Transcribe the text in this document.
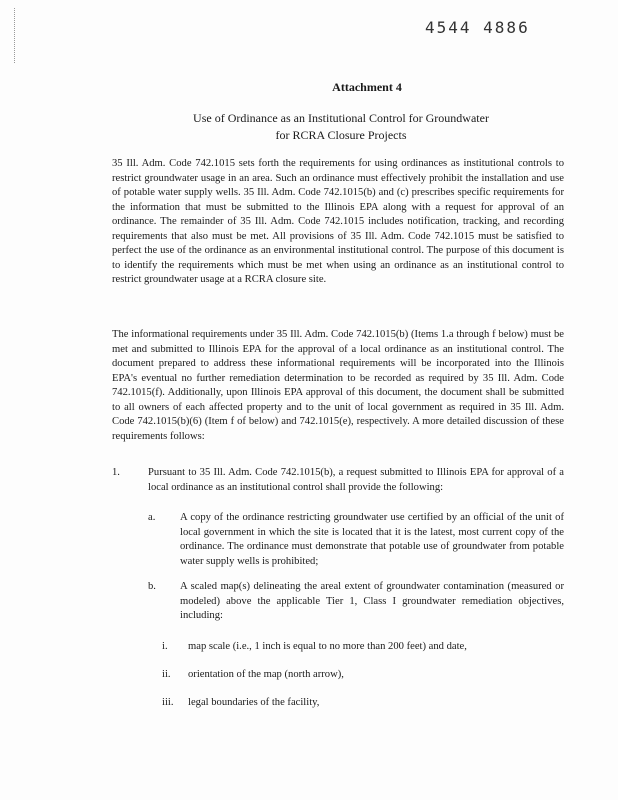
4544 4886
Attachment 4
Use of Ordinance as an Institutional Control for Groundwater
for RCRA Closure Projects
35 Ill. Adm. Code 742.1015 sets forth the requirements for using ordinances as institutional controls to restrict groundwater usage in an area. Such an ordinance must effectively prohibit the installation and use of potable water supply wells. 35 Ill. Adm. Code 742.1015(b) and (c) prescribes specific requirements for the information that must be submitted to the Illinois EPA along with a request for approval of an ordinance. The remainder of 35 Ill. Adm. Code 742.1015 includes notification, tracking, and recording requirements that also must be met. All provisions of 35 Ill. Adm. Code 742.1015 must be satisfied to perfect the use of the ordinance as an environmental institutional control. The purpose of this document is to identify the requirements which must be met when using an ordinance as an institutional control to restrict groundwater usage at a RCRA closure site.
The informational requirements under 35 Ill. Adm. Code 742.1015(b) (Items 1.a through f below) must be met and submitted to Illinois EPA for the approval of a local ordinance as an institutional control. The document prepared to address these informational requirements will be incorporated into the Illinois EPA's eventual no further remediation determination to be recorded as required by 35 Ill. Adm. Code 742.1015(f). Additionally, upon Illinois EPA approval of this document, the document shall be submitted to all owners of each affected property and to the unit of local government as required in 35 Ill. Adm. Code 742.1015(b)(6) (Item f of below) and 742.1015(e), respectively. A more detailed discussion of these requirements follows:
1.	Pursuant to 35 Ill. Adm. Code 742.1015(b), a request submitted to Illinois EPA for approval of a local ordinance as an institutional control shall provide the following:
a. A copy of the ordinance restricting groundwater use certified by an official of the unit of local government in which the site is located that it is the latest, most current copy of the ordinance. The ordinance must demonstrate that potable use of groundwater from potable water supply wells is prohibited;
b. A scaled map(s) delineating the areal extent of groundwater contamination (measured or modeled) above the applicable Tier 1, Class I groundwater remediation objectives, including:
i. map scale (i.e., 1 inch is equal to no more than 200 feet) and date,
ii. orientation of the map (north arrow),
iii. legal boundaries of the facility,
